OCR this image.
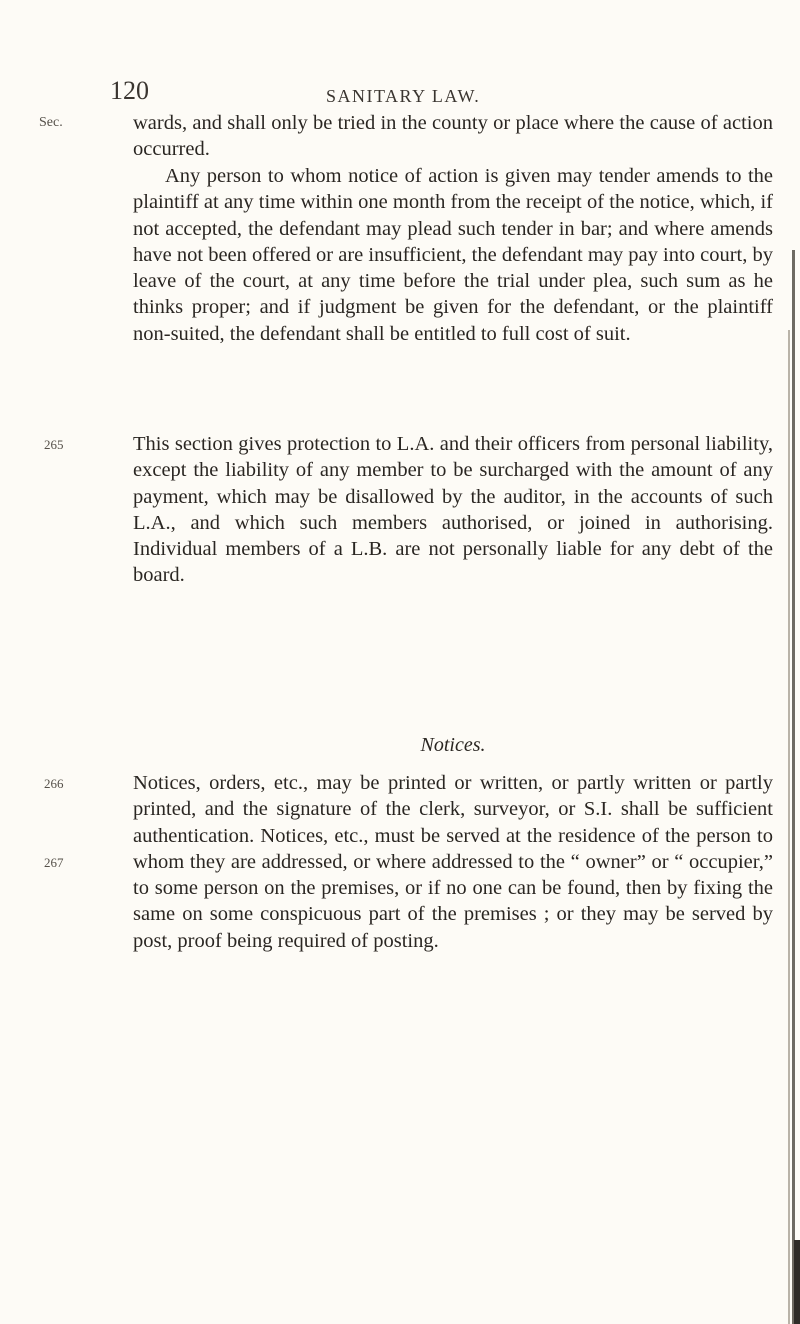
120	SANITARY LAW.
Sec.
265
266
267

wards, and shall only be tried in the county or place where the cause of action occurred.

Any person to whom notice of action is given may tender amends to the plaintiff at any time within one month from the receipt of the notice, which, if not accepted, the defendant may plead such tender in bar; and where amends have not been offered or are insufficient, the defendant may pay into court, by leave of the court, at any time before the trial under plea, such sum as he thinks proper; and if judgment be given for the defendant, or the plaintiff non-suited, the defendant shall be entitled to full cost of suit.

This section gives protection to L.A. and their officers from personal liability, except the liability of any member to be surcharged with the amount of any payment, which may be disallowed by the auditor, in the accounts of such L.A., and which such members authorised, or joined in authorising. Individual members of a L.B. are not personally liable for any debt of the board.

Notices.

Notices, orders, etc., may be printed or written, or partly written or partly printed, and the signature of the clerk, surveyor, or S.I. shall be sufficient authentication. Notices, etc., must be served at the residence of the person to whom they are addressed, or where addressed to the “ owner” or “ occupier,” to some person on the premises, or if no one can be found, then by fixing the same on some conspicuous part of the premises ; or they may be served by post, proof being required of posting.
